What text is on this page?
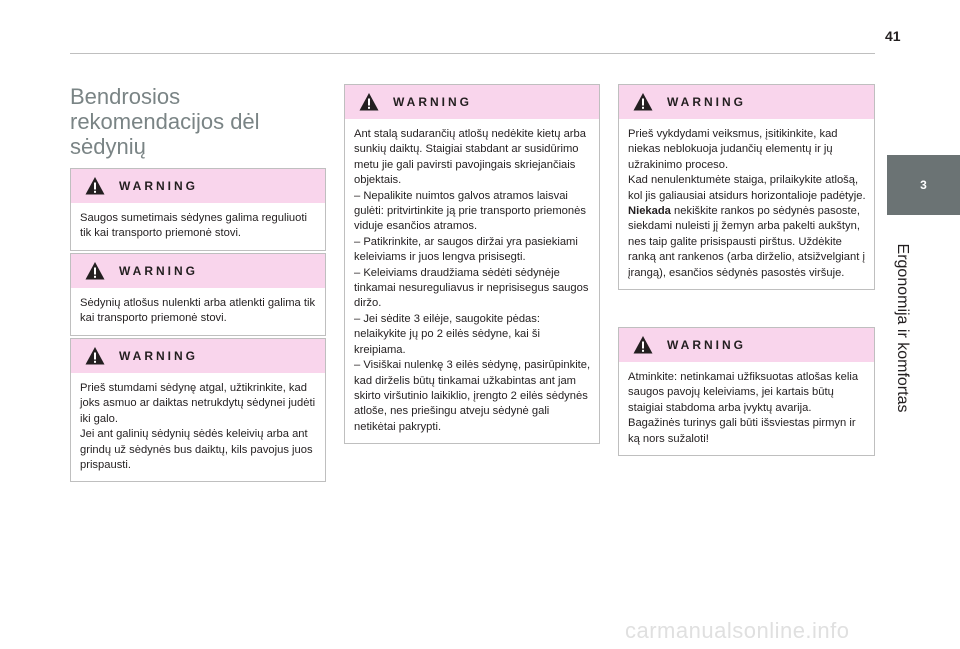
41
3
Ergonomija ir komfortas
Bendrosios rekomendacijos dėl sėdynių
WARNING

Saugos sumetimais sėdynes galima reguliuoti tik kai transporto priemonė stovi.

WARNING

Sėdynių atlošus nulenkti arba atlenkti galima tik kai transporto priemonė stovi.

WARNING

Prieš stumdami sėdynę atgal, užtikrinkite, kad joks asmuo ar daiktas netrukdytų sėdynei judėti iki galo.
Jei ant galinių sėdynių sėdės keleivių arba ant grindų už sėdynės bus daiktų, kils pavojus juos prispausti.

WARNING

Ant stalą sudarančių atlošų nedėkite kietų arba sunkių daiktų. Staigiai stabdant ar susidūrimo metu jie gali pavirsti pavojingais skriejančiais objektais.
– Nepalikite nuimtos galvos atramos laisvai gulėti: pritvirtinkite ją prie transporto priemonės viduje esančios atramos.
– Patikrinkite, ar saugos diržai yra pasiekiami keleiviams ir juos lengva prisisegti.
– Keleiviams draudžiama sėdėti sėdynėje tinkamai nesureguliavus ir neprisisegus saugos diržo.
– Jei sėdite 3 eilėje, saugokite pėdas: nelaikykite jų po 2 eilės sėdyne, kai ši kreipiama.
– Visiškai nulenkę 3 eilės sėdynę, pasirūpinkite, kad dirželis būtų tinkamai užkabintas ant jam skirto viršutinio laikiklio, įrengto 2 eilės sėdynės atloše, nes priešingu atveju sėdynė gali netikėtai pakrypti.

WARNING

Prieš vykdydami veiksmus, įsitikinkite, kad niekas neblokuoja judančių elementų ir jų užrakinimo proceso.
Kad nenulenktumėte staiga, prilaikykite atlošą, kol jis galiausiai atsidurs horizontalioje padėtyje.
Niekada nekiškite rankos po sėdynės pasoste, siekdami nuleisti jį žemyn arba pakelti aukštyn, nes taip galite prisispausti pirštus. Uždėkite ranką ant rankenos (arba dirželio, atsižvelgiant į įrangą), esančios sėdynės pasostės viršuje.

WARNING

Atminkite: netinkamai užfiksuotas atlošas kelia saugos pavojų keleiviams, jei kartais būtų staigiai stabdoma arba įvyktų avarija. Bagažinės turinys gali būti išsviestas pirmyn ir ką nors sužaloti!

carmanualsonline.info
